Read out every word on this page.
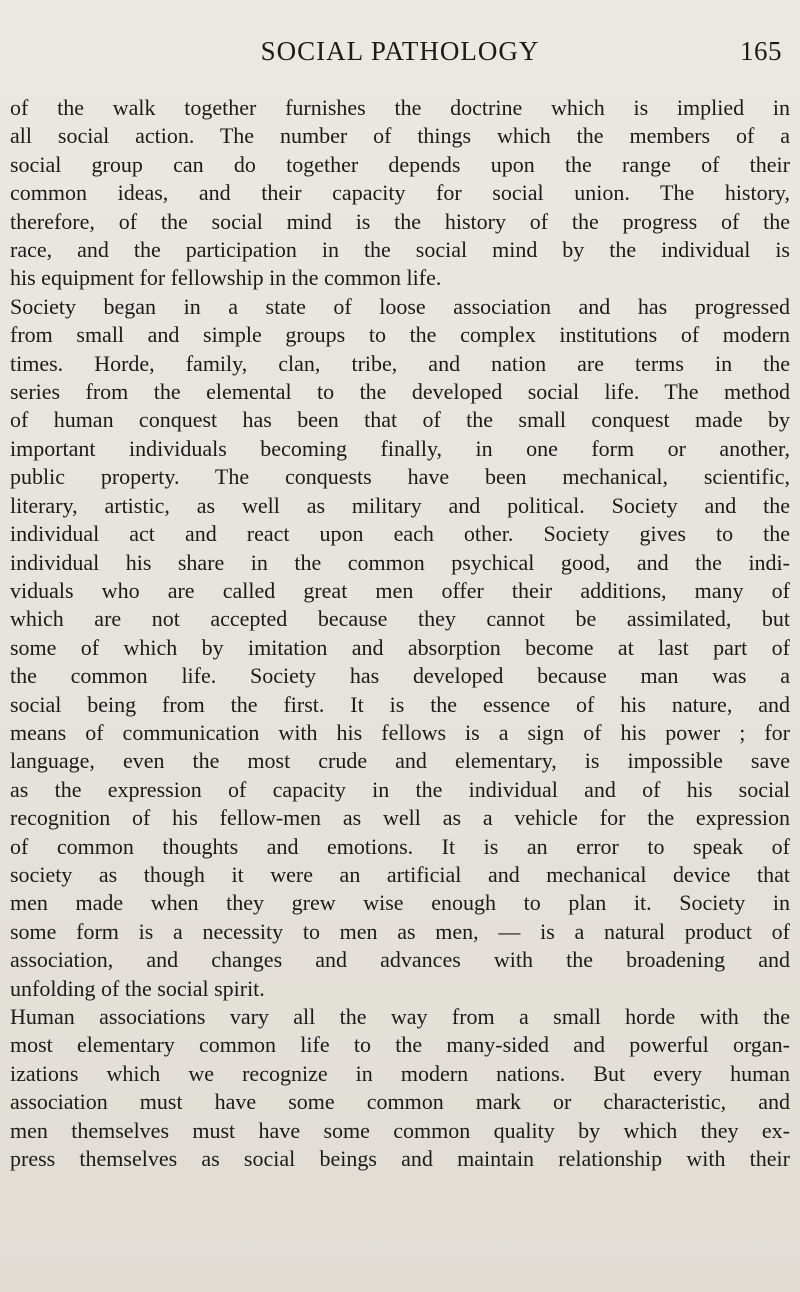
SOCIAL PATHOLOGY	165
of the walk together furnishes the doctrine which is implied in
all social action. The number of things which the members of a
social group can do together depends upon the range of their
common ideas, and their capacity for social union. The history,
therefore, of the social mind is the history of the progress of the
race, and the participation in the social mind by the individual is
his equipment for fellowship in the common life.
Society began in a state of loose association and has progressed
from small and simple groups to the complex institutions of modern
times. Horde, family, clan, tribe, and nation are terms in the
series from the elemental to the developed social life. The method
of human conquest has been that of the small conquest made by
important individuals becoming finally, in one form or another,
public property. The conquests have been mechanical, scientific,
literary, artistic, as well as military and political. Society and the
individual act and react upon each other. Society gives to the
individual his share in the common psychical good, and the indi-
viduals who are called great men offer their additions, many of
which are not accepted because they cannot be assimilated, but
some of which by imitation and absorption become at last part of
the common life. Society has developed because man was a
social being from the first. It is the essence of his nature, and
means of communication with his fellows is a sign of his power ; for
language, even the most crude and elementary, is impossible save
as the expression of capacity in the individual and of his social
recognition of his fellow-men as well as a vehicle for the expression
of common thoughts and emotions. It is an error to speak of
society as though it were an artificial and mechanical device that
men made when they grew wise enough to plan it. Society in
some form is a necessity to men as men, — is a natural product of
association, and changes and advances with the broadening and
unfolding of the social spirit.
Human associations vary all the way from a small horde with the
most elementary common life to the many-sided and powerful organ-
izations which we recognize in modern nations. But every human
association must have some common mark or characteristic, and
men themselves must have some common quality by which they ex-
press themselves as social beings and maintain relationship with their
